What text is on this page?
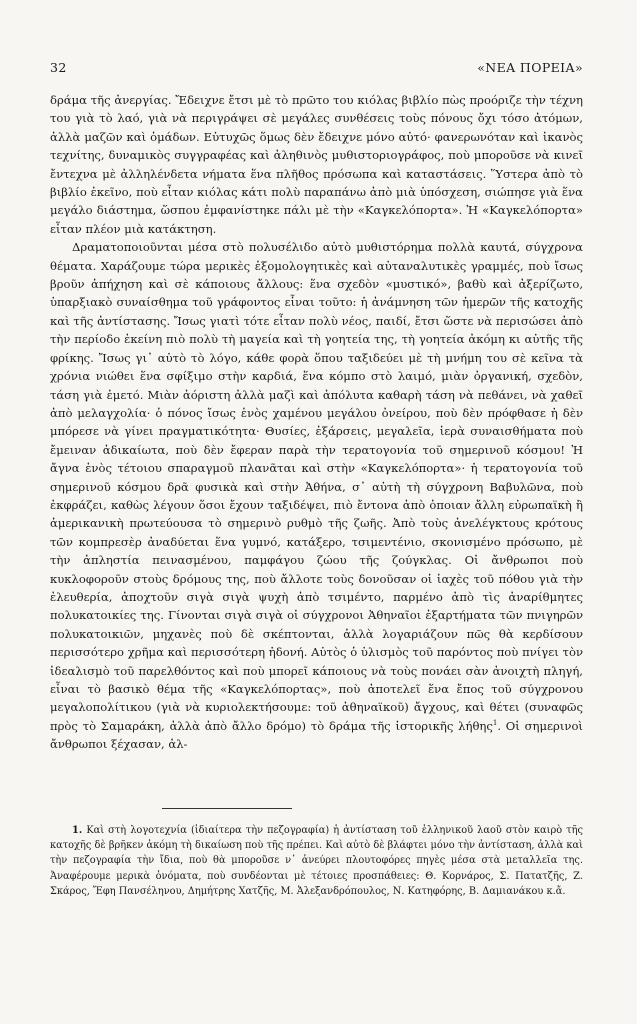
32	«ΝΕΑ ΠΟΡΕΙΑ»

δράμα τῆς ἀνεργίας. Ἔδειχνε ἔτσι μὲ τὸ πρῶτο του κιόλας βιβλίο πὼς προόριζε τὴν τέχνη του γιὰ τὸ λαό, γιὰ νὰ περιγράψει σὲ μεγάλες συνθέσεις τοὺς πόνους ὄχι τόσο ἀτόμων, ἀλλὰ μαζῶν καὶ ὁμάδων. Εὐτυχῶς ὅμως δὲν ἔδειχνε μόνο αὐτό· φανερωνόταν καὶ ἱκανὸς τεχνίτης, δυναμικὸς συγγραφέας καὶ ἀληθινὸς μυθιστοριογράφος, ποὺ μποροῦσε νὰ κινεῖ ἔντεχνα μὲ ἀλληλένδετα νήματα ἕνα πλῆθος πρόσωπα καὶ καταστάσεις. Ὕστερα ἀπὸ τὸ βιβλίο ἐκεῖνο, ποὺ εἶταν κιόλας κάτι πολὺ παραπάνω ἀπὸ μιὰ ὑπόσχεση, σιώπησε γιὰ ἕνα μεγάλο διάστημα, ὥσπου ἐμφανίστηκε πάλι μὲ τὴν «Καγκελόπορτα». Ἡ «Καγκελόπορτα» εἶταν πλέον μιὰ κατάκτηση.

Δραματοποιοῦνται μέσα στὸ πολυσέλιδο αὐτὸ μυθιστόρημα πολλὰ καυτά, σύγχρονα θέματα. Χαράζουμε τώρα μερικὲς ἐξομολογητικὲς καὶ αὐταναλυτικὲς γραμμές, ποὺ ἴσως βροῦν ἀπήχηση καὶ σὲ κάποιους ἄλλους: ἕνα σχεδὸν «μυστικό», βαθὺ καὶ ἀξερίζωτο, ὑπαρξιακὸ συναίσθημα τοῦ γράφοντος εἶναι τοῦτο: ἡ ἀνάμνηση τῶν ἡμερῶν τῆς κατοχῆς καὶ τῆς ἀντίστασης. Ἴσως γιατὶ τότε εἶταν πολὺ νέος, παιδί, ἔτσι ὥστε νὰ περισώσει ἀπὸ τὴν περίοδο ἐκείνη πιὸ πολὺ τὴ μαγεία καὶ τὴ γοητεία της, τὴ γοητεία ἀκόμη κι αὐτῆς τῆς φρίκης. Ἴσως γι᾽ αὐτὸ τὸ λόγο, κάθε φορὰ ὅπου ταξιδεύει μὲ τὴ μνήμη του σὲ κεῖνα τὰ χρόνια νιώθει ἕνα σφίξιμο στὴν καρδιά, ἕνα κόμπο στὸ λαιμό, μιὰν ὀργανική, σχεδὸν, τάση γιὰ ἐμετό. Μιὰν ἀόριστη ἀλλὰ μαζὶ καὶ ἀπόλυτα καθαρὴ τάση νὰ πεθάνει, νὰ χαθεῖ ἀπὸ μελαγχολία· ὁ πόνος ἴσως ἑνὸς χαμένου μεγάλου ὀνείρου, ποὺ δὲν πρόφθασε ἡ δὲν μπόρεσε νὰ γίνει πραγματικότητα· Θυσίες, ἐξάρσεις, μεγαλεῖα, ἱερὰ συναισθήματα ποὺ ἔμειναν ἀδικαίωτα, ποὺ δὲν ἔφεραν παρὰ τὴν τερατογονία τοῦ σημερινοῦ κόσμου! Ἡ ἄγνα ἑνὸς τέτοιου σπαραγμοῦ πλανᾶται καὶ στὴν «Καγκελόπορτα»· ἡ τερατογονία τοῦ σημερινοῦ κόσμου δρᾶ φυσικὰ καὶ στὴν Ἀθήνα, σ᾽ αὐτὴ τὴ σύγχρονη Βαβυλῶνα, ποὺ ἐκφράζει, καθὼς λέγουν ὅσοι ἔχουν ταξιδέψει, πιὸ ἔντονα ἀπὸ ὁποιαν ἄλλη εὐρωπαϊκὴ ἢ ἀμερικανικὴ πρωτεύουσα τὸ σημερινὸ ρυθμὸ τῆς ζωῆς. Ἀπὸ τοὺς ἀνελέγκτους κρότους τῶν κομπρεσὲρ ἀναδύεται ἕνα γυμνό, κατάξερο, τσιμεντένιο, σκονισμένο πρόσωπο, μὲ τὴν ἀπληστία πεινασμένου, παμφάγου ζώου τῆς ζούγκλας. Οἱ ἄνθρωποι ποὺ κυκλοφοροῦν στοὺς δρόμους της, ποὺ ἄλλοτε τοὺς δονοῦσαν οἱ ἰαχὲς τοῦ πόθου γιὰ τὴν ἐλευθερία, ἀποχτοῦν σιγὰ σιγὰ ψυχὴ ἀπὸ τσιμέντο, παρμένο ἀπὸ τὶς ἀναρίθμητες πολυκατοικίες της. Γίνονται σιγὰ σιγὰ οἱ σύγχρονοι Ἀθηναῖοι ἐξαρτήματα τῶν πνιγηρῶν πολυκατοικιῶν, μηχανὲς ποὺ δὲ σκέπτονται, ἀλλὰ λογαριάζουν πῶς θὰ κερδίσουν περισσότερο χρῆμα καὶ περισσότερη ἡδονή. Αὐτὸς ὁ ὑλισμὸς τοῦ παρόντος ποὺ πνίγει τὸν ἰδεαλισμὸ τοῦ παρελθόντος καὶ ποὺ μπορεῖ κάποιους νὰ τοὺς πονάει σὰν ἀνοιχτὴ πληγή, εἶναι τὸ βασικὸ θέμα τῆς «Καγκελόπορτας», ποὺ ἀποτελεῖ ἕνα ἔπος τοῦ σύγχρονου μεγαλοπολίτικου (γιὰ νὰ κυριολεκτήσουμε: τοῦ ἀθηναϊκοῦ) ἄγχους, καὶ θέτει (συναφῶς πρὸς τὸ Σαμαράκη, ἀλλὰ ἀπὸ ἄλλο δρόμο) τὸ δράμα τῆς ἱστορικῆς λήθης$^1$. Οἱ σημερινοὶ ἄνθρωποι ξέχασαν, ἀλ-

1. Καὶ στὴ λογοτεχνία (ἰδιαίτερα τὴν πεζογραφία) ἡ ἀντίσταση τοῦ ἑλληνικοῦ λαοῦ στὸν καιρὸ τῆς κατοχῆς δὲ βρῆκεν ἀκόμη τὴ δικαίωση ποὺ τῆς πρέπει. Καὶ αὐτὸ δὲ βλάφτει μόνο τὴν ἀντίσταση, ἀλλὰ καὶ τὴν πεζογραφία τὴν ἴδια, ποὺ θὰ μποροῦσε ν᾽ ἀνεύρει πλουτοφόρες πηγὲς μέσα στὰ μεταλλεῖα της. Ἀναφέρουμε μερικὰ ὀνόματα, ποὺ συνδέονται μὲ τέτοιες προσπάθειες: Θ. Κορνάρος, Σ. Πατατζῆς, Ζ. Σκάρος, Ἔφη Πανσέληνου, Δημήτρης Χατζῆς, Μ. Ἀλεξανδρόπουλος, Ν. Κατηφόρης, Β. Δαμιανάκου κ.ἄ.
